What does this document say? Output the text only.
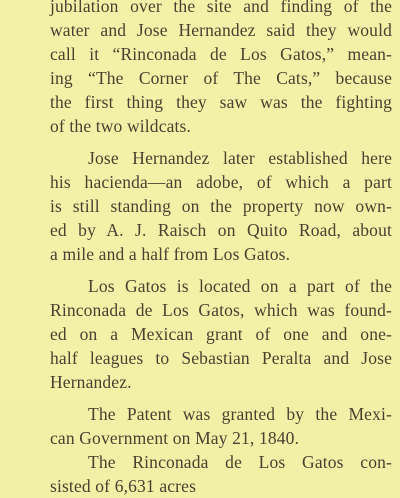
jubilation over the site and finding of the
water and Jose Hernandez said they would
call it “Rinconada de Los Gatos,” mean-
ing “The Corner of The Cats,” because
the first thing they saw was the fighting
of the two wildcats.
Jose Hernandez later established here
his hacienda—an adobe, of which a part
is still standing on the property now own-
ed by A. J. Raisch on Quito Road, about
a mile and a half from Los Gatos.
Los Gatos is located on a part of the
Rinconada de Los Gatos, which was found-
ed on a Mexican grant of one and one-
half leagues to Sebastian Peralta and Jose
Hernandez.
The Patent was granted by the Mexi-
can Government on May 21, 1840.
The Rinconada de Los Gatos con-
sisted of 6,631 acres
